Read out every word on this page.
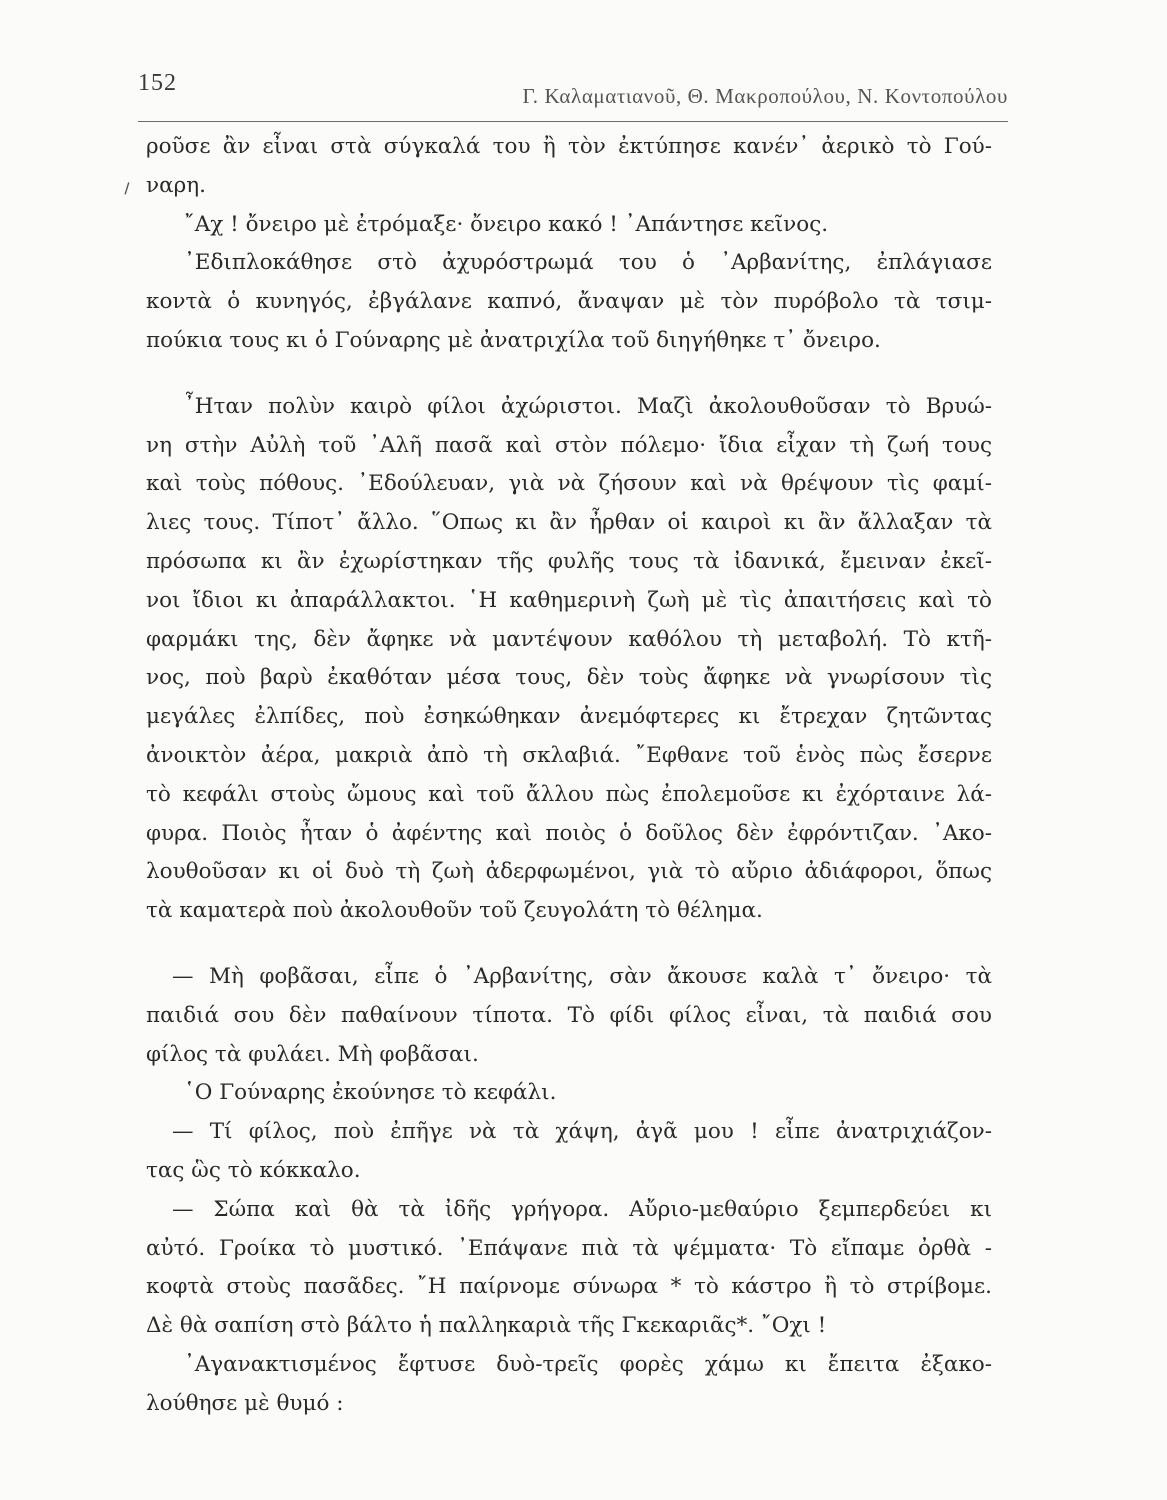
152	Γ. Καλαματιανοῦ, Θ. Μακροπούλου, Ν. Κοντοπούλου
⸝
ροῦσε ἂν εἶναι στὰ σύγκαλά του ἢ τὸν ἐκτύπησε κανέν᾽ ἀερικὸ τὸ Γού-
ναρη.
῎Αχ ! ὄνειρο μὲ ἐτρόμαξε· ὄνειρο κακό ! ᾽Απάντησε κεῖνος.
᾽Εδιπλοκάθησε στὸ ἀχυρόστρωμά του ὁ ᾽Αρβανίτης, ἐπλάγιασε
κοντὰ ὁ κυνηγός, ἐβγάλανε καπνό, ἄναψαν μὲ τὸν πυρόβολο τὰ τσιμ-
πούκια τους κι ὁ Γούναρης μὲ ἀνατριχίλα τοῦ διηγήθηκε τ᾽ ὄνειρο.
῏Ηταν πολὺν καιρὸ φίλοι ἀχώριστοι. Μαζὶ ἀκολουθοῦσαν τὸ Βρυώ-
νη στὴν Αὐλὴ τοῦ ᾽Αλῆ πασᾶ καὶ στὸν πόλεμο· ἴδια εἶχαν τὴ ζωή τους
καὶ τοὺς πόθους. ᾽Εδούλευαν, γιὰ νὰ ζήσουν καὶ νὰ θρέψουν τὶς φαμί-
λιες τους. Τίποτ᾽ ἄλλο. ῞Οπως κι ἂν ἦρθαν οἱ καιροὶ κι ἂν ἄλλαξαν τὰ
πρόσωπα κι ἂν ἐχωρίστηκαν τῆς φυλῆς τους τὰ ἰδανικά, ἔμειναν ἐκεῖ-
νοι ἴδιοι κι ἀπαράλλακτοι. ῾Η καθημερινὴ ζωὴ μὲ τὶς ἀπαιτήσεις καὶ τὸ
φαρμάκι της, δὲν ἄφηκε νὰ μαντέψουν καθόλου τὴ μεταβολή. Τὸ κτῆ-
νος, ποὺ βαρὺ ἐκαθόταν μέσα τους, δὲν τοὺς ἄφηκε νὰ γνωρίσουν τὶς
μεγάλες ἐλπίδες, ποὺ ἐσηκώθηκαν ἀνεμόφτερες κι ἔτρεχαν ζητῶντας
ἀνοικτὸν ἀέρα, μακριὰ ἀπὸ τὴ σκλαβιά. ῎Εφθανε τοῦ ἑνὸς πὼς ἔσερνε
τὸ κεφάλι στοὺς ὤμους καὶ τοῦ ἄλλου πὼς ἐπολεμοῦσε κι ἐχόρταινε λά-
φυρα. Ποιὸς ἦταν ὁ ἀφέντης καὶ ποιὸς ὁ δοῦλος δὲν ἐφρόντιζαν. ᾽Ακο-
λουθοῦσαν κι οἱ δυὸ τὴ ζωὴ ἀδερφωμένοι, γιὰ τὸ αὔριο ἀδιάφοροι, ὅπως
τὰ καματερὰ ποὺ ἀκολουθοῦν τοῦ ζευγολάτη τὸ θέλημα.
— Μὴ φοβᾶσαι, εἶπε ὁ ᾽Αρβανίτης, σὰν ἄκουσε καλὰ τ᾽ ὄνειρο· τὰ
παιδιά σου δὲν παθαίνουν τίποτα. Τὸ φίδι φίλος εἶναι, τὰ παιδιά σου
φίλος τὰ φυλάει. Μὴ φοβᾶσαι.
῾Ο Γούναρης ἐκούνησε τὸ κεφάλι.
— Τί φίλος, ποὺ ἐπῆγε νὰ τὰ χάψη, ἀγᾶ μου ! εἶπε ἀνατριχιάζον-
τας ὣς τὸ κόκκαλο.
— Σώπα καὶ θὰ τὰ ἰδῆς γρήγορα. Αὔριο-μεθαύριο ξεμπερδεύει κι
αὐτό. Γροίκα τὸ μυστικό. ᾽Επάψανε πιὰ τὰ ψέμματα· Τὸ εἴπαμε ὀρθὰ -
κοφτὰ στοὺς πασᾶδες. ῎Η παίρνομε σύνωρα * τὸ κάστρο ἢ τὸ στρίβομε.
Δὲ θὰ σαπίση στὸ βάλτο ἡ παλληκαριὰ τῆς Γκεκαριᾶς*. ῎Οχι !
᾽Αγανακτισμένος ἔφτυσε δυὸ-τρεῖς φορὲς χάμω κι ἔπειτα ἐξακο-
λούθησε μὲ θυμό :
